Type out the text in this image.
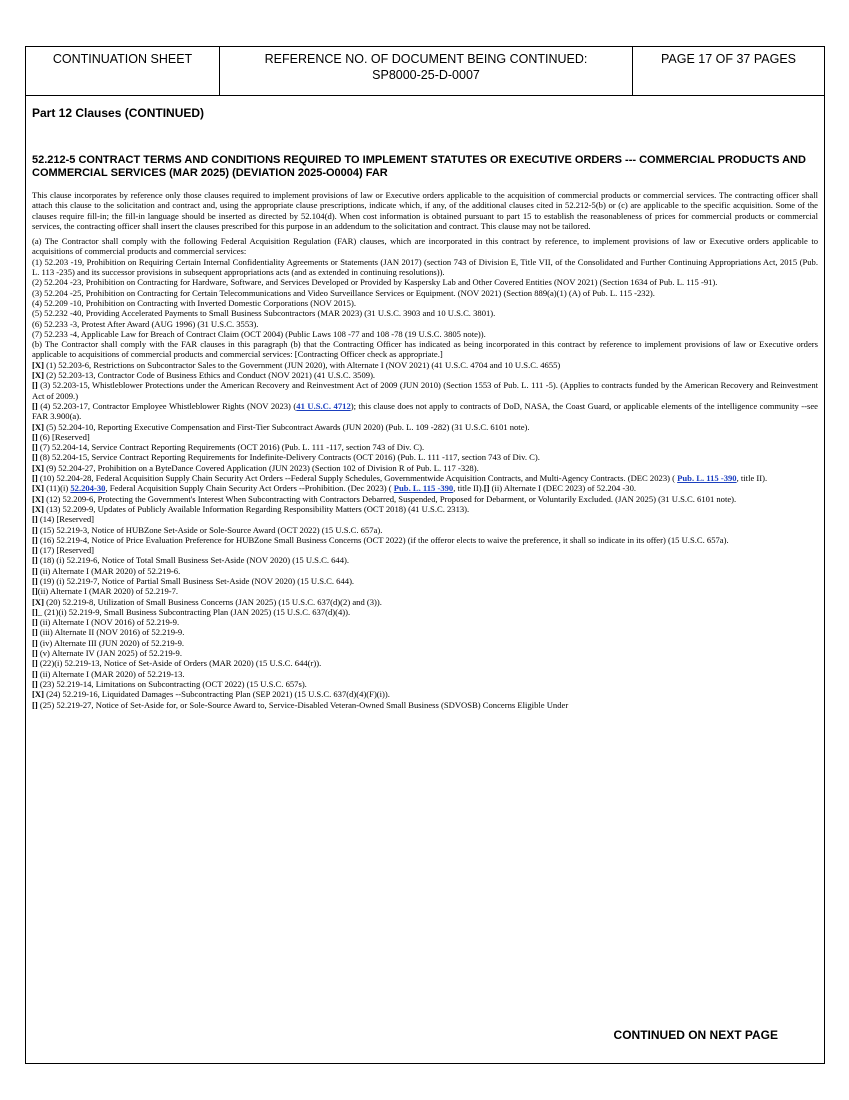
CONTINUATION SHEET	REFERENCE NO. OF DOCUMENT BEING CONTINUED:
SP8000-25-D-0007
PAGE 17 OF 37 PAGES
Part 12 Clauses (CONTINUED)
52.212-5 CONTRACT TERMS AND CONDITIONS REQUIRED TO IMPLEMENT STATUTES OR EXECUTIVE ORDERS --- COMMERCIAL PRODUCTS AND COMMERCIAL SERVICES (MAR 2025) (DEVIATION 2025-O0004) FAR
This clause incorporates by reference only those clauses required to implement provisions of law or Executive orders applicable to the acquisition of commercial products or commercial services. The contracting officer shall attach this clause to the solicitation and contract and, using the appropriate clause prescriptions, indicate which, if any, of the additional clauses cited in 52.212-5(b) or (c) are applicable to the specific acquisition. Some of the clauses require fill-in; the fill-in language should be inserted as directed by 52.104(d). When cost information is obtained pursuant to part 15 to establish the reasonableness of prices for commercial products or commercial services, the contracting officer shall insert the clauses prescribed for this purpose in an addendum to the solicitation and contract. This clause may not be tailored.

(a) The Contractor shall comply with the following Federal Acquisition Regulation (FAR) clauses, which are incorporated in this contract by reference, to implement provisions of law or Executive orders applicable to acquisitions of commercial products and commercial services:

(1) 52.203 -19, Prohibition on Requiring Certain Internal Confidentiality Agreements or Statements (JAN 2017) (section 743 of Division E, Title VII, of the Consolidated and Further Continuing Appropriations Act, 2015 (Pub. L. 113 -235) and its successor provisions in subsequent appropriations acts (and as extended in continuing resolutions)).

(2) 52.204 -23, Prohibition on Contracting for Hardware, Software, and Services Developed or Provided by Kaspersky Lab and Other Covered Entities (NOV 2021) (Section 1634 of Pub. L. 115 -91).

(3) 52.204 -25, Prohibition on Contracting for Certain Telecommunications and Video Surveillance Services or Equipment. (NOV 2021) (Section 889(a)(1) (A) of Pub. L. 115 -232).

(4) 52.209 -10, Prohibition on Contracting with Inverted Domestic Corporations (NOV 2015).

(5) 52.232 -40, Providing Accelerated Payments to Small Business Subcontractors (MAR 2023) (31 U.S.C. 3903 and 10 U.S.C. 3801).

(6) 52.233 -3, Protest After Award (AUG 1996) (31 U.S.C. 3553).

(7) 52.233 -4, Applicable Law for Breach of Contract Claim (OCT 2004) (Public Laws 108 -77 and 108 -78 (19 U.S.C. 3805 note)).

(b) The Contractor shall comply with the FAR clauses in this paragraph (b) that the Contracting Officer has indicated as being incorporated in this contract by reference to implement provisions of law or Executive orders applicable to acquisitions of commercial products and commercial services: [Contracting Officer check as appropriate.]

[X] (1) 52.203-6, Restrictions on Subcontractor Sales to the Government (JUN 2020), with Alternate I (NOV 2021) (41 U.S.C. 4704 and 10 U.S.C. 4655)

[X] (2) 52.203-13, Contractor Code of Business Ethics and Conduct (NOV 2021) (41 U.S.C. 3509).

[] (3) 52.203-15, Whistleblower Protections under the American Recovery and Reinvestment Act of 2009 (JUN 2010) (Section 1553 of Pub. L. 111 -5). (Applies to contracts funded by the American Recovery and Reinvestment Act of 2009.)

[] (4) 52.203-17, Contractor Employee Whistleblower Rights (NOV 2023) (41 U.S.C. 4712); this clause does not apply to contracts of DoD, NASA, the Coast Guard, or applicable elements of the intelligence community --see FAR 3.900(a).

[X] (5) 52.204-10, Reporting Executive Compensation and First-Tier Subcontract Awards (JUN 2020) (Pub. L. 109 -282) (31 U.S.C. 6101 note).

[] (6) [Reserved]

[] (7) 52.204-14, Service Contract Reporting Requirements (OCT 2016) (Pub. L. 111 -117, section 743 of Div. C).

[] (8) 52.204-15, Service Contract Reporting Requirements for Indefinite-Delivery Contracts (OCT 2016) (Pub. L. 111 -117, section 743 of Div. C).

[X] (9) 52.204-27, Prohibition on a ByteDance Covered Application (JUN 2023) (Section 102 of Division R of Pub. L. 117 -328).

[] (10) 52.204-28, Federal Acquisition Supply Chain Security Act Orders --Federal Supply Schedules, Governmentwide Acquisition Contracts, and Multi-Agency Contracts. (DEC 2023) ( Pub. L. 115 -390, title II).

[X] (11)(i) 52.204-30, Federal Acquisition Supply Chain Security Act Orders --Prohibition. (Dec 2023) ( Pub. L. 115 -390, title II).[] (ii) Alternate I (DEC 2023) of 52.204 -30.

[X] (12) 52.209-6, Protecting the Government's Interest When Subcontracting with Contractors Debarred, Suspended, Proposed for Debarment, or Voluntarily Excluded. (JAN 2025) (31 U.S.C. 6101 note).

[X] (13) 52.209-9, Updates of Publicly Available Information Regarding Responsibility Matters (OCT 2018) (41 U.S.C. 2313).

[] (14) [Reserved]

[] (15) 52.219-3, Notice of HUBZone Set-Aside or Sole-Source Award (OCT 2022) (15 U.S.C. 657a).

[] (16) 52.219-4, Notice of Price Evaluation Preference for HUBZone Small Business Concerns (OCT 2022) (if the offeror elects to waive the preference, it shall so indicate in its offer) (15 U.S.C. 657a).

[] (17) [Reserved]

[] (18) (i) 52.219-6, Notice of Total Small Business Set-Aside (NOV 2020) (15 U.S.C. 644).

[] (ii) Alternate I (MAR 2020) of 52.219-6.

[] (19) (i) 52.219-7, Notice of Partial Small Business Set-Aside (NOV 2020) (15 U.S.C. 644).

[](ii) Alternate I (MAR 2020) of 52.219-7.

[X] (20) 52.219-8, Utilization of Small Business Concerns (JAN 2025) (15 U.S.C. 637(d)(2) and (3)).

[]_ (21)(i) 52.219-9, Small Business Subcontracting Plan (JAN 2025) (15 U.S.C. 637(d)(4)).

[] (ii) Alternate I (NOV 2016) of 52.219-9.

[] (iii) Alternate II (NOV 2016) of 52.219-9.

[] (iv) Alternate III (JUN 2020) of 52.219-9.

[] (v) Alternate IV (JAN 2025) of 52.219-9.

[] (22)(i) 52.219-13, Notice of Set-Aside of Orders (MAR 2020) (15 U.S.C. 644(r)).

[] (ii) Alternate I (MAR 2020) of 52.219-13.

[] (23) 52.219-14, Limitations on Subcontracting (OCT 2022) (15 U.S.C. 657s).

[X] (24) 52.219-16, Liquidated Damages --Subcontracting Plan (SEP 2021) (15 U.S.C. 637(d)(4)(F)(i)).

[] (25) 52.219-27, Notice of Set-Aside for, or Sole-Source Award to, Service-Disabled Veteran-Owned Small Business (SDVOSB) Concerns Eligible Under

CONTINUED ON NEXT PAGE
